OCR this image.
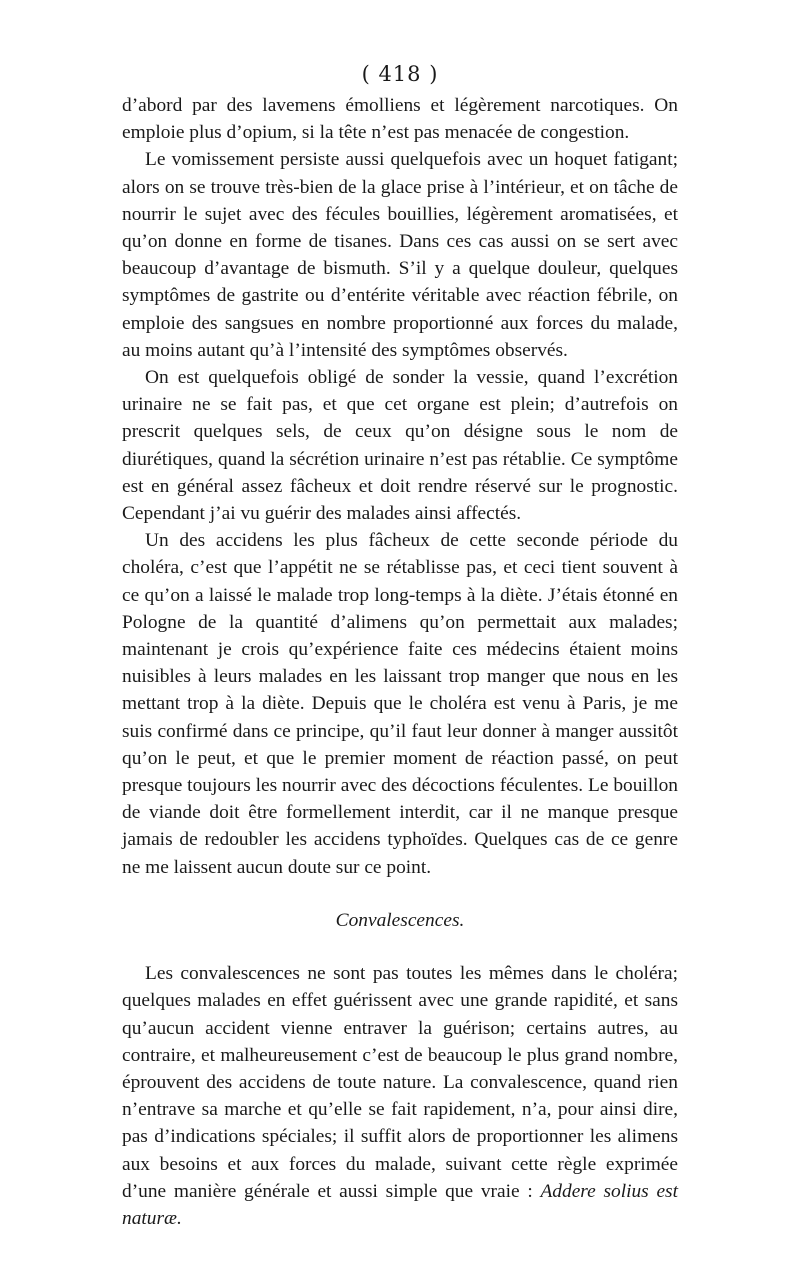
( 418 )

d’abord par des lavemens émolliens et légèrement narcotiques. On emploie plus d’opium, si la tête n’est pas menacée de congestion.

Le vomissement persiste aussi quelquefois avec un hoquet fatigant; alors on se trouve très-bien de la glace prise à l’intérieur, et on tâche de nourrir le sujet avec des fécules bouillies, légèrement aromatisées, et qu’on donne en forme de tisanes. Dans ces cas aussi on se sert avec beaucoup d’avantage de bismuth. S’il y a quelque douleur, quelques symptômes de gastrite ou d’entérite véritable avec réaction fébrile, on emploie des sangsues en nombre proportionné aux forces du malade, au moins autant qu’à l’intensité des symptômes observés.

On est quelquefois obligé de sonder la vessie, quand l’excrétion urinaire ne se fait pas, et que cet organe est plein; d’autrefois on prescrit quelques sels, de ceux qu’on désigne sous le nom de diurétiques, quand la sécrétion urinaire n’est pas rétablie. Ce symptôme est en général assez fâcheux et doit rendre réservé sur le prognostic. Cependant j’ai vu guérir des malades ainsi affectés.

Un des accidens les plus fâcheux de cette seconde période du choléra, c’est que l’appétit ne se rétablisse pas, et ceci tient souvent à ce qu’on a laissé le malade trop long-temps à la diète. J’étais étonné en Pologne de la quantité d’alimens qu’on permettait aux malades; maintenant je crois qu’expérience faite ces médecins étaient moins nuisibles à leurs malades en les laissant trop manger que nous en les mettant trop à la diète. Depuis que le choléra est venu à Paris, je me suis confirmé dans ce principe, qu’il faut leur donner à manger aussitôt qu’on le peut, et que le premier moment de réaction passé, on peut presque toujours les nourrir avec des décoctions féculentes. Le bouillon de viande doit être formellement interdit, car il ne manque presque jamais de redoubler les accidens typhoïdes. Quelques cas de ce genre ne me laissent aucun doute sur ce point.

Convalescences.

Les convalescences ne sont pas toutes les mêmes dans le choléra; quelques malades en effet guérissent avec une grande rapidité, et sans qu’aucun accident vienne entraver la guérison; certains autres, au contraire, et malheureusement c’est de beaucoup le plus grand nombre, éprouvent des accidens de toute nature. La convalescence, quand rien n’entrave sa marche et qu’elle se fait rapidement, n’a, pour ainsi dire, pas d’indications spéciales; il suffit alors de proportionner les alimens aux besoins et aux forces du malade, suivant cette règle exprimée d’une manière générale et aussi simple que vraie : Addere solius est naturæ.
